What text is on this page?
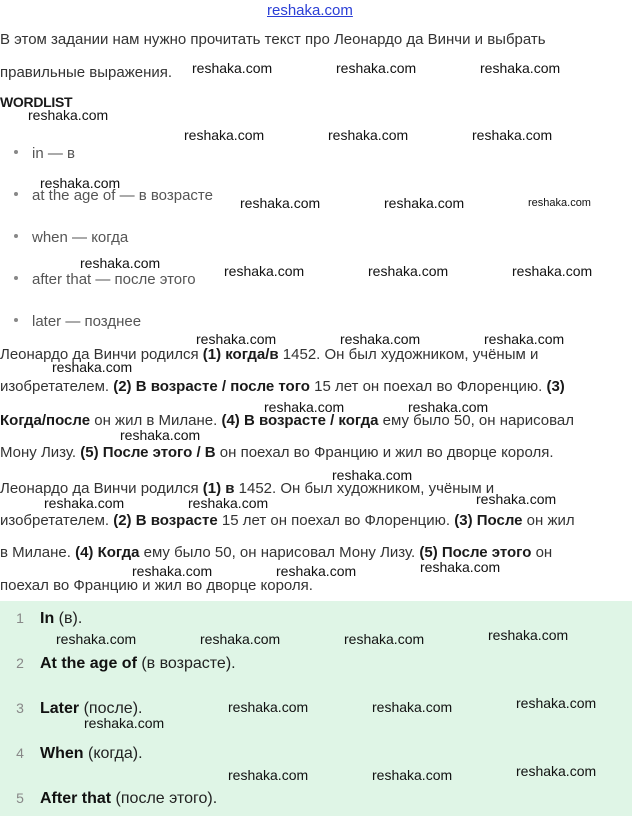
reshaka.com
В этом задании нам нужно прочитать текст про Леонардо да Винчи и выбрать
правильные выражения.
WORDLIST
in — в
at the age of — в возрасте
when — когда
after that — после этого
later — позднее
Леонардо да Винчи родился (1) когда/в 1452. Он был художником, учёным и
изобретателем. (2) В возрасте / после того 15 лет он поехал во Флоренцию. (3)
Когда/после он жил в Милане. (4) В возрасте / когда ему было 50, он нарисовал
Мону Лизу. (5) После этого / В он поехал во Францию и жил во дворце короля.
Леонардо да Винчи родился (1) в 1452. Он был художником, учёным и
изобретателем. (2) В возрасте 15 лет он поехал во Флоренцию. (3) После он жил
в Милане. (4) Когда ему было 50, он нарисовал Мону Лизу. (5) После этого он
поехал во Францию и жил во дворце короля.
1 In (в).
2 At the age of (в возрасте).
3 Later (после).
4 When (когда).
5 After that (после этого).
reshaka.com	reshaka.com	reshaka.com
reshaka.com
reshaka.com	reshaka.com	reshaka.com
reshaka.com
reshaka.com	reshaka.com	reshaka.com
reshaka.com	reshaka.com	reshaka.com	reshaka.com
reshaka.com	reshaka.com	reshaka.com
reshaka.com
reshaka.com	reshaka.com
reshaka.com
reshaka.com
reshaka.com
reshaka.com	reshaka.com
reshaka.com
reshaka.com	reshaka.com
reshaka.com
reshaka.com	reshaka.com	reshaka.com
reshaka.com
reshaka.com	reshaka.com
reshaka.com
reshaka.com
reshaka.com	reshaka.com
